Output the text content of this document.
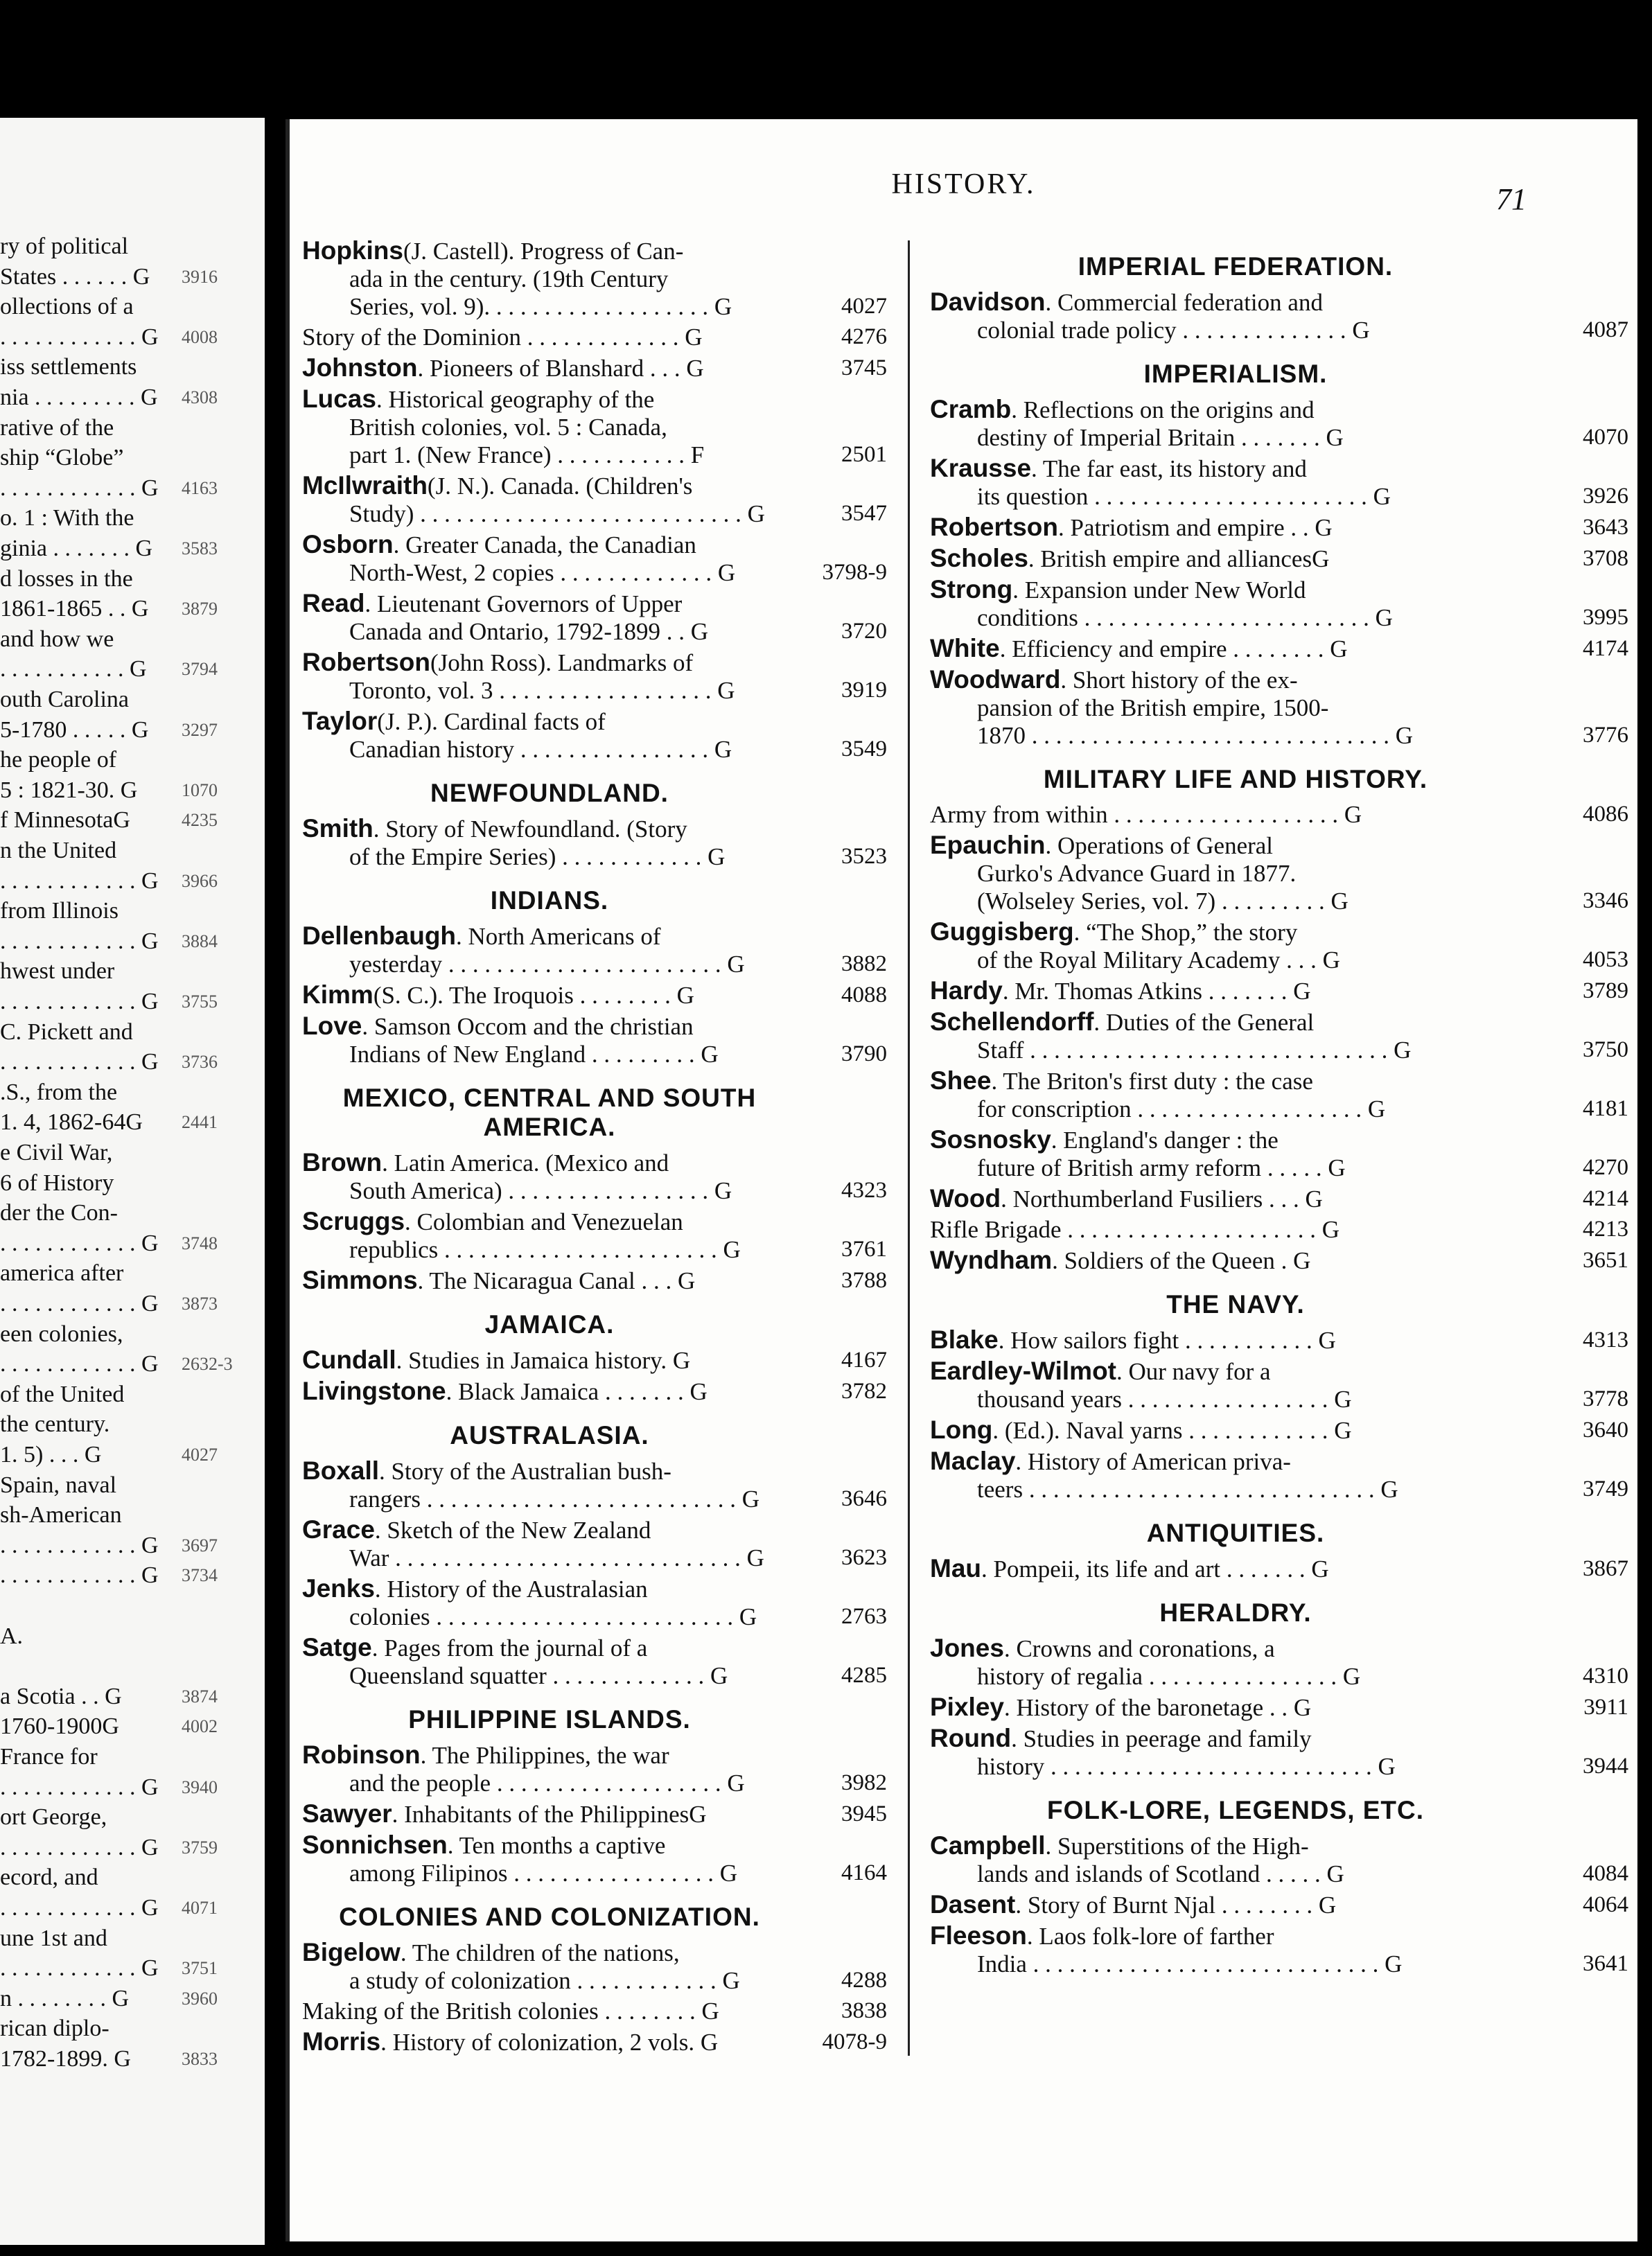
ry of political
States . . . . . . G	3916
ollections of a
. . . . . . . . . . . . G	4008
iss settlements
nia . . . . . . . . . G	4308
rative of the
ship “Globe”
. . . . . . . . . . . . G	4163
o. 1 : With the
ginia . . . . . . . G	3583
d losses in the
1861-1865 . . G	3879
and how we
. . . . . . . . . . . G	3794
outh Carolina
5-1780 . . . . . G	3297
he people of
5 : 1821-30. G	1070
f MinnesotaG	4235
n the United
. . . . . . . . . . . . G	3966
from Illinois
. . . . . . . . . . . . G	3884
hwest under
. . . . . . . . . . . . G	3755
C. Pickett and
. . . . . . . . . . . . G	3736
.S., from the
1. 4, 1862-64G	2441
e Civil War,
6 of History
der the Con-
. . . . . . . . . . . . G	3748
america after
. . . . . . . . . . . . G	3873
een colonies,
. . . . . . . . . . . . G	2632-3
of the United
the century.
1. 5) . . . G	4027
Spain, naval
sh-American
. . . . . . . . . . . . G	3697
. . . . . . . . . . . . G	3734
A.
a Scotia . . G	3874
1760-1900G	4002
France for
. . . . . . . . . . . . G	3940
ort George,
. . . . . . . . . . . . G	3759
ecord, and
. . . . . . . . . . . . G	4071
une 1st and
. . . . . . . . . . . . G	3751
n . . . . . . . . G	3960
rican diplo-
1782-1899. G	3833
HISTORY.	71
Hopkins(J. Castell). Progress of Can-
ada in the century. (19th Century
Series, vol. 9). . . . . . . . . . . . . . . . . . . G	4027
Story of the Dominion . . . . . . . . . . . . . G	4276
Johnston. Pioneers of Blanshard . . . G	3745
Lucas. Historical geography of the
British colonies, vol. 5 : Canada,
part 1. (New France) . . . . . . . . . . . F	2501
McIlwraith(J. N.). Canada. (Children's
Study) . . . . . . . . . . . . . . . . . . . . . . . . . . . G	3547
Osborn. Greater Canada, the Canadian
North-West, 2 copies . . . . . . . . . . . . . G	3798-9
Read. Lieutenant Governors of Upper
Canada and Ontario, 1792-1899 . . G	3720
Robertson(John Ross). Landmarks of
Toronto, vol. 3 . . . . . . . . . . . . . . . . . . G	3919
Taylor(J. P.). Cardinal facts of
Canadian history . . . . . . . . . . . . . . . . G	3549
NEWFOUNDLAND.
Smith. Story of Newfoundland. (Story
of the Empire Series) . . . . . . . . . . . . G	3523
INDIANS.
Dellenbaugh. North Americans of
yesterday . . . . . . . . . . . . . . . . . . . . . . . G	3882
Kimm(S. C.). The Iroquois . . . . . . . . G	4088
Love. Samson Occom and the christian
Indians of New England . . . . . . . . . G	3790
MEXICO, CENTRAL AND SOUTH AMERICA.
Brown. Latin America. (Mexico and
South America) . . . . . . . . . . . . . . . . . G	4323
Scruggs. Colombian and Venezuelan
republics . . . . . . . . . . . . . . . . . . . . . . . G	3761
Simmons. The Nicaragua Canal . . . G	3788
JAMAICA.
Cundall. Studies in Jamaica history. G	4167
Livingstone. Black Jamaica . . . . . . . G	3782
AUSTRALASIA.
Boxall. Story of the Australian bush-
rangers . . . . . . . . . . . . . . . . . . . . . . . . . . G	3646
Grace. Sketch of the New Zealand
War . . . . . . . . . . . . . . . . . . . . . . . . . . . . . G	3623
Jenks. History of the Australasian
colonies . . . . . . . . . . . . . . . . . . . . . . . . . G	2763
Satge. Pages from the journal of a
Queensland squatter . . . . . . . . . . . . . G	4285
PHILIPPINE ISLANDS.
Robinson. The Philippines, the war
and the people . . . . . . . . . . . . . . . . . . . G	3982
Sawyer. Inhabitants of the PhilippinesG	3945
Sonnichsen. Ten months a captive
among Filipinos . . . . . . . . . . . . . . . . . G	4164
COLONIES AND COLONIZATION.
Bigelow. The children of the nations,
a study of colonization . . . . . . . . . . . . G	4288
Making of the British colonies . . . . . . . . G	3838
Morris. History of colonization, 2 vols. G	4078-9
IMPERIAL FEDERATION.
Davidson. Commercial federation and
colonial trade policy . . . . . . . . . . . . . . G	4087
IMPERIALISM.
Cramb. Reflections on the origins and
destiny of Imperial Britain . . . . . . . G	4070
Krausse. The far east, its history and
its question . . . . . . . . . . . . . . . . . . . . . . . G	3926
Robertson. Patriotism and empire . . G	3643
Scholes. British empire and alliancesG	3708
Strong. Expansion under New World
conditions . . . . . . . . . . . . . . . . . . . . . . . . G	3995
White. Efficiency and empire . . . . . . . . G	4174
Woodward. Short history of the ex-
pansion of the British empire, 1500-
1870 . . . . . . . . . . . . . . . . . . . . . . . . . . . . . . G	3776
MILITARY LIFE AND HISTORY.
Army from within . . . . . . . . . . . . . . . . . . . G	4086
Epauchin. Operations of General
Gurko's Advance Guard in 1877.
(Wolseley Series, vol. 7) . . . . . . . . . G	3346
Guggisberg. “The Shop,” the story
of the Royal Military Academy . . . G	4053
Hardy. Mr. Thomas Atkins . . . . . . . G	3789
Schellendorff. Duties of the General
Staff . . . . . . . . . . . . . . . . . . . . . . . . . . . . . . G	3750
Shee. The Briton's first duty : the case
for conscription . . . . . . . . . . . . . . . . . . . G	4181
Sosnosky. England's danger : the
future of British army reform . . . . . G	4270
Wood. Northumberland Fusiliers . . . G	4214
Rifle Brigade . . . . . . . . . . . . . . . . . . . . . G	4213
Wyndham. Soldiers of the Queen . G	3651
THE NAVY.
Blake. How sailors fight . . . . . . . . . . . G	4313
Eardley-Wilmot. Our navy for a
thousand years . . . . . . . . . . . . . . . . . G	3778
Long. (Ed.). Naval yarns . . . . . . . . . . . . G	3640
Maclay. History of American priva-
teers . . . . . . . . . . . . . . . . . . . . . . . . . . . . . G	3749
ANTIQUITIES.
Mau. Pompeii, its life and art . . . . . . . G	3867
HERALDRY.
Jones. Crowns and coronations, a
history of regalia . . . . . . . . . . . . . . . . G	4310
Pixley. History of the baronetage . . G	3911
Round. Studies in peerage and family
history . . . . . . . . . . . . . . . . . . . . . . . . . . . G	3944
FOLK-LORE, LEGENDS, ETC.
Campbell. Superstitions of the High-
lands and islands of Scotland . . . . . G	4084
Dasent. Story of Burnt Njal . . . . . . . . G	4064
Fleeson. Laos folk-lore of farther
India . . . . . . . . . . . . . . . . . . . . . . . . . . . . . G	3641
